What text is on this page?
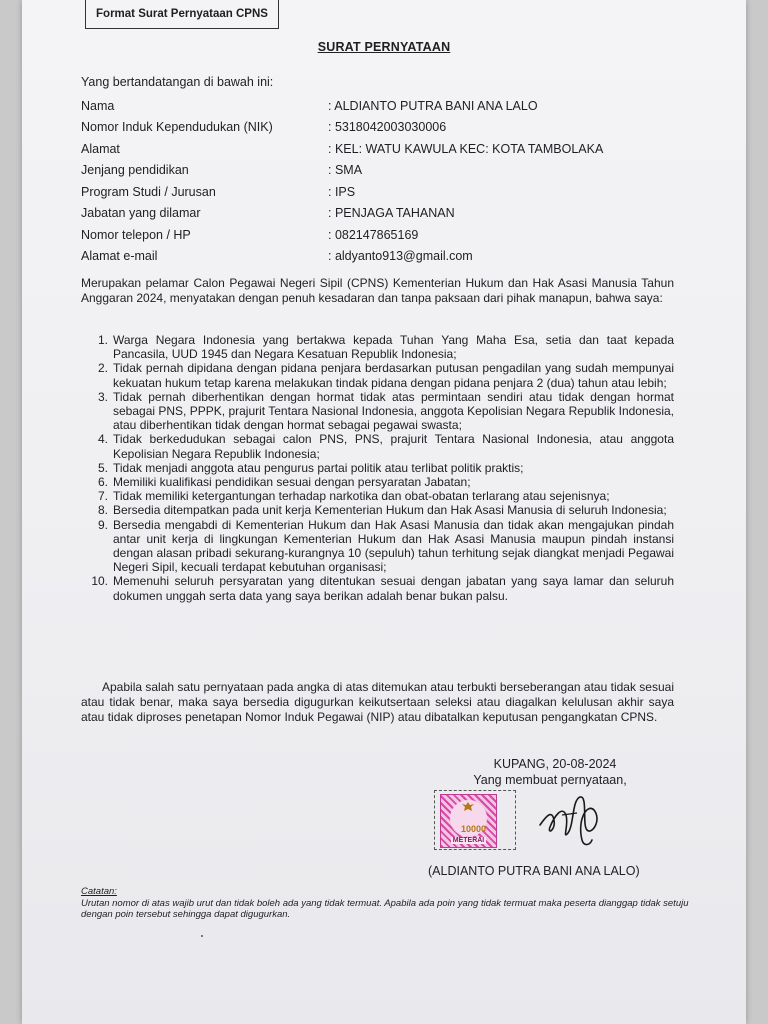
Format Surat Pernyataan CPNS
SURAT PERNYATAAN
Yang bertandatangan di bawah ini:
Nama	: ALDIANTO PUTRA BANI ANA LALO
Nomor Induk Kependudukan (NIK)	: 5318042003030006
Alamat	: KEL: WATU KAWULA KEC: KOTA TAMBOLAKA
Jenjang pendidikan	: SMA
Program Studi / Jurusan	: IPS
Jabatan yang dilamar	: PENJAGA TAHANAN
Nomor telepon / HP	: 082147865169
Alamat e-mail	: aldyanto913@gmail.com
Merupakan pelamar Calon Pegawai Negeri Sipil (CPNS) Kementerian Hukum dan Hak Asasi Manusia Tahun Anggaran 2024, menyatakan dengan penuh kesadaran dan tanpa paksaan dari pihak manapun, bahwa saya:
1. Warga Negara Indonesia yang bertakwa kepada Tuhan Yang Maha Esa, setia dan taat kepada Pancasila, UUD 1945 dan Negara Kesatuan Republik Indonesia;
2. Tidak pernah dipidana dengan pidana penjara berdasarkan putusan pengadilan yang sudah mempunyai kekuatan hukum tetap karena melakukan tindak pidana dengan pidana penjara 2 (dua) tahun atau lebih;
3. Tidak pernah diberhentikan dengan hormat tidak atas permintaan sendiri atau tidak dengan hormat sebagai PNS, PPPK, prajurit Tentara Nasional Indonesia, anggota Kepolisian Negara Republik Indonesia, atau diberhentikan tidak dengan hormat sebagai pegawai swasta;
4. Tidak berkedudukan sebagai calon PNS, PNS, prajurit Tentara Nasional Indonesia, atau anggota Kepolisian Negara Republik Indonesia;
5. Tidak menjadi anggota atau pengurus partai politik atau terlibat politik praktis;
6. Memiliki kualifikasi pendidikan sesuai dengan persyaratan Jabatan;
7. Tidak memiliki ketergantungan terhadap narkotika dan obat-obatan terlarang atau sejenisnya;
8. Bersedia ditempatkan pada unit kerja Kementerian Hukum dan Hak Asasi Manusia di seluruh Indonesia;
9. Bersedia mengabdi di Kementerian Hukum dan Hak Asasi Manusia dan tidak akan mengajukan pindah antar unit kerja di lingkungan Kementerian Hukum dan Hak Asasi Manusia maupun pindah instansi dengan alasan pribadi sekurang-kurangnya 10 (sepuluh) tahun terhitung sejak diangkat menjadi Pegawai Negeri Sipil, kecuali terdapat kebutuhan organisasi;
10. Memenuhi seluruh persyaratan yang ditentukan sesuai dengan jabatan yang saya lamar dan seluruh dokumen unggah serta data yang saya berikan adalah benar bukan palsu.
Apabila salah satu pernyataan pada angka di atas ditemukan atau terbukti berseberangan atau tidak sesuai atau tidak benar, maka saya bersedia digugurkan keikutsertaan seleksi atau diagalkan kelulusan akhir saya atau tidak diproses penetapan Nomor Induk Pegawai (NIP) atau dibatalkan keputusan pengangkatan CPNS.
KUPANG, 20-08-2024
Yang membuat pernyataan,
10000
METERAI
(ALDIANTO PUTRA BANI ANA LALO)
Catatan:
Urutan nomor di atas wajib urut dan tidak boleh ada yang tidak termuat. Apabila ada poin yang tidak termuat maka peserta dianggap tidak setuju dengan poin tersebut sehingga dapat digugurkan.
